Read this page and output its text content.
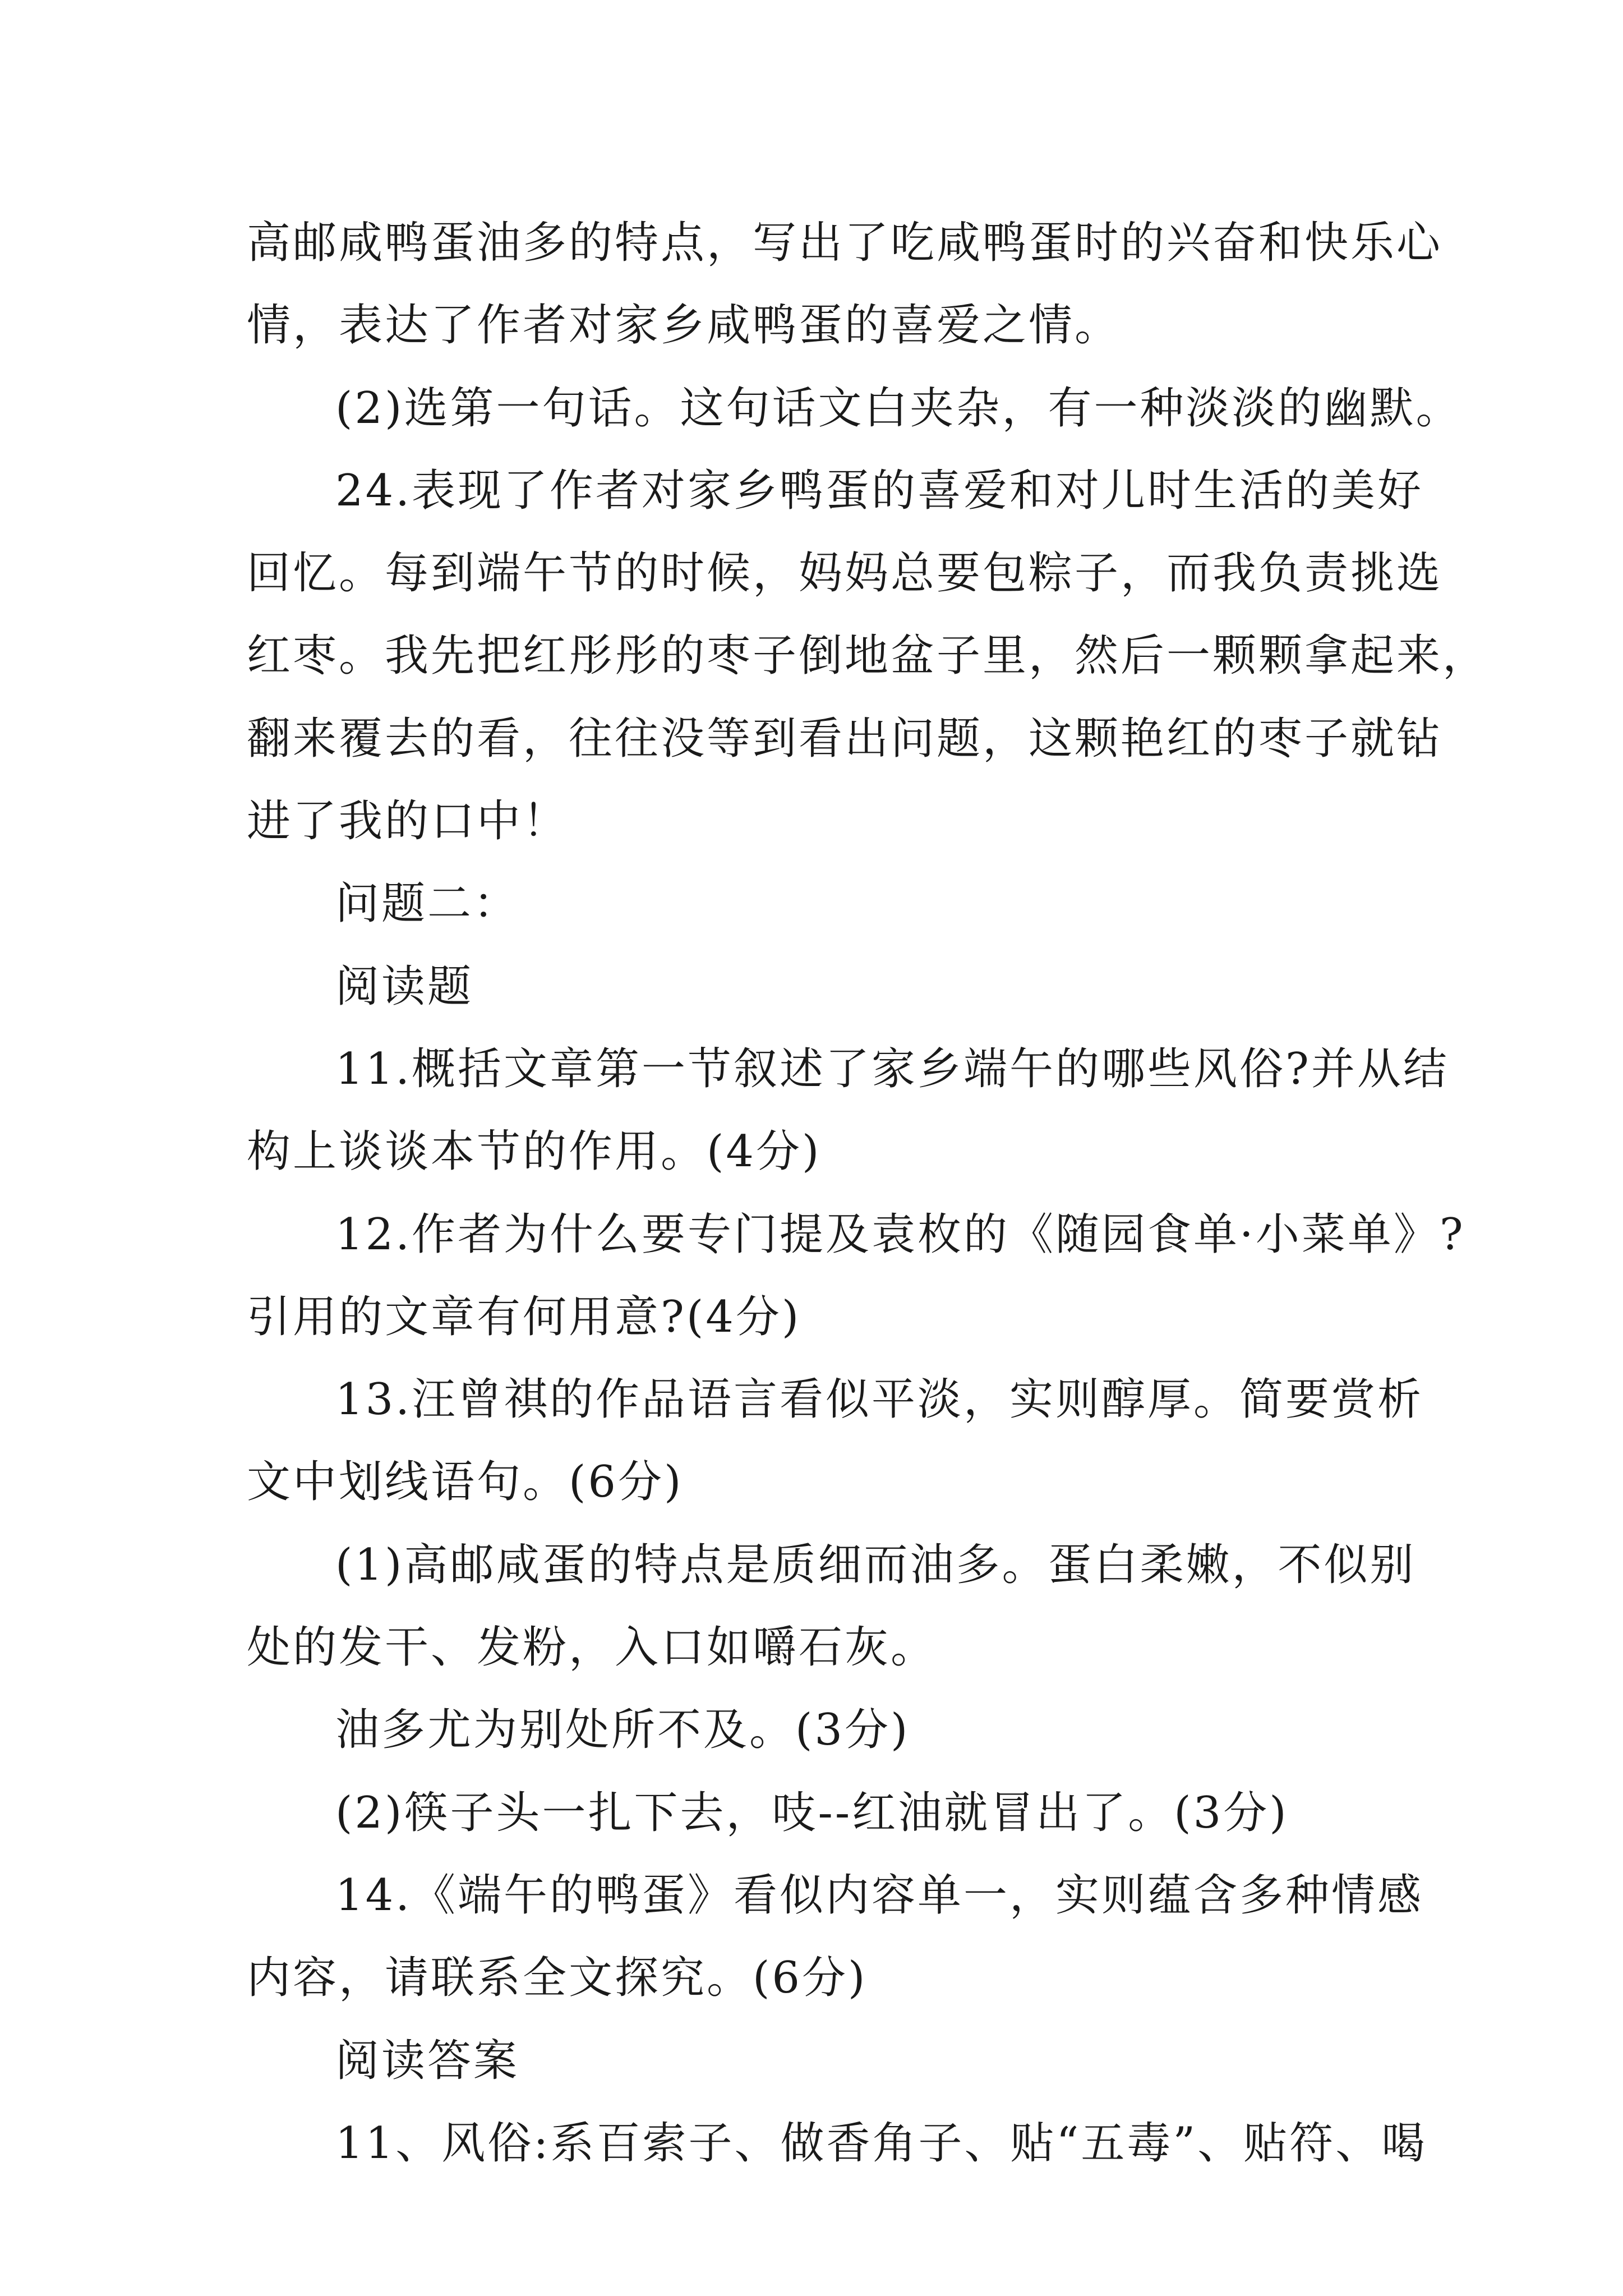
高邮咸鸭蛋油多的特点，写出了吃咸鸭蛋时的兴奋和快乐心
情，表达了作者对家乡咸鸭蛋的喜爱之情。
(2)选第一句话。这句话文白夹杂，有一种淡淡的幽默。
24.表现了作者对家乡鸭蛋的喜爱和对儿时生活的美好
回忆。每到端午节的时候，妈妈总要包粽子，而我负责挑选
红枣。我先把红彤彤的枣子倒地盆子里，然后一颗颗拿起来，
翻来覆去的看，往往没等到看出问题，这颗艳红的枣子就钻
进了我的口中！
问题二：
阅读题
11.概括文章第一节叙述了家乡端午的哪些风俗?并从结
构上谈谈本节的作用。(4分)
12.作者为什么要专门提及袁枚的《随园食单·小菜单》?
引用的文章有何用意?(4分)
13.汪曾祺的作品语言看似平淡，实则醇厚。简要赏析
文中划线语句。(6分)
(1)高邮咸蛋的特点是质细而油多。蛋白柔嫩，不似别
处的发干、发粉，入口如嚼石灰。
油多尤为别处所不及。(3分)
(2)筷子头一扎下去，吱--红油就冒出了。(3分)
14.《端午的鸭蛋》看似内容单一，实则蕴含多种情感
内容，请联系全文探究。(6分)
阅读答案
11、风俗:系百索子、做香角子、贴“五毒”、贴符、喝
